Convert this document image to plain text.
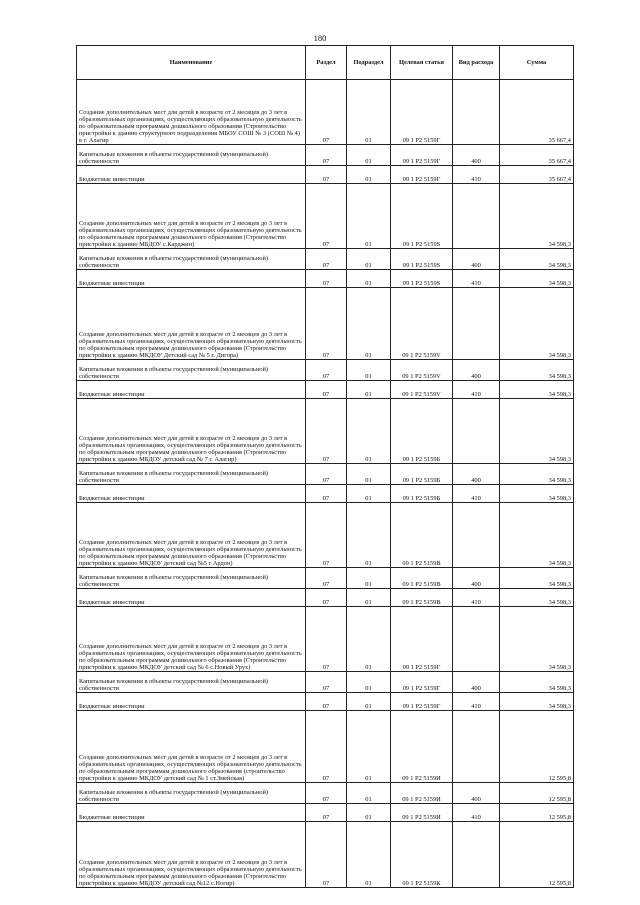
180
Наименование	Раздел	Подраздел	Целевая статья	Вид расхода	Сумма
Создание дополнительных мест для детей в возрасте от 2 месяцев до 3 лет в образовательных организациях, осуществляющих образовательную деятельность по образовательным программам дошкольного образования (Строительство пристройки к зданию структурного подразделения МБОУ СОШ № 3 (СОШ № 4) в г. Алагир	07	01	09 1 Р2 5159Г		35 667,4
Капитальные вложения в объекты государственной (муниципальной) собственности	07	01	09 1 Р2 5159Г	400	35 667,4
Бюджетные инвестиции	07	01	09 1 Р2 5159Г	410	35 667,4
Создание дополнительных мест для детей в возрасте от 2 месяцев до 3 лет в образовательных организациях, осуществляющих образовательную деятельность по образовательным программам дошкольного образования (Строительство пристройки к зданию МБДОУ с.Карджин)	07	01	09 1 Р2 5159S		34 598,3
Капитальные вложения в объекты государственной (муниципальной) собственности	07	01	09 1 Р2 5159S	400	34 598,3
Бюджетные инвестиции	07	01	09 1 Р2 5159S	410	34 598,3
Создание дополнительных мест для детей в возрасте от 2 месяцев до 3 лет в образовательных организациях, осуществляющих образовательную деятельность по образовательным программам дошкольного образования (Строительство пристройки к зданию МКДОУ Детский сад № 5 г. Дигора)	07	01	09 1 Р2 5159V		34 598,3
Капитальные вложения в объекты государственной (муниципальной) собственности	07	01	09 1 Р2 5159V	400	34 598,3
Бюджетные инвестиции	07	01	09 1 Р2 5159V	410	34 598,3
Создание дополнительных мест для детей в возрасте от 2 месяцев до 3 лет в образовательных организациях, осуществляющих образовательную деятельность по образовательным программам дошкольного образования (Строительство пристройки к зданию МБДОУ детский сад № 7 г. Алагир)	07	01	09 1 Р2 5159Б		34 598,3
Капитальные вложения в объекты государственной (муниципальной) собственности	07	01	09 1 Р2 5159Б	400	34 598,3
Бюджетные инвестиции	07	01	09 1 Р2 5159Б	410	34 598,3
Создание дополнительных мест для детей в возрасте от 2 месяцев до 3 лет в образовательных организациях, осуществляющих образовательную деятельность по образовательным программам дошкольного образования (Строительство пристройки к зданию МКДОУ детский сад №5 г Ардон)	07	01	09 1 Р2 5159В		34 598,3
Капитальные вложения в объекты государственной (муниципальной) собственности	07	01	09 1 Р2 5159В	400	34 598,3
Бюджетные инвестиции	07	01	09 1 Р2 5159В	410	34 598,3
Создание дополнительных мест для детей в возрасте от 2 месяцев до 3 лет в образовательных организациях, осуществляющих образовательную деятельность по образовательным программам дошкольного образования (Строительство пристройки к зданию МКДОУ детский сад № 6 с.Новый Урух)	07	01	09 1 Р2 5159Г		34 598,3
Капитальные вложения в объекты государственной (муниципальной) собственности	07	01	09 1 Р2 5159Г	400	34 598,3
Бюджетные инвестиции	07	01	09 1 Р2 5159Г	410	34 598,3
Создание дополнительных мест для детей в возрасте от 2 месяцев до 3 лет в образовательных организациях, осуществляющих образовательную деятельность по образовательным программам дошкольного образования (строительство пристройки к зданию МКДОУ детский сад № 1 ст.Змейская)	07	01	09 1 Р2 5159И		12 595,8
Капитальные вложения в объекты государственной (муниципальной) собственности	07	01	09 1 Р2 5159И	400	12 595,8
Бюджетные инвестиции	07	01	09 1 Р2 5159И	410	12 595,8
Создание дополнительных мест для детей в возрасте от 2 месяцев до 3 лет в образовательных организациях, осуществляющих образовательную деятельность по образовательным программам дошкольного образования (Строительство пристройки к зданию МБДОУ детский сад №12 с.Ногир)	07	01	09 1 Р2 5159К		12 595,8
